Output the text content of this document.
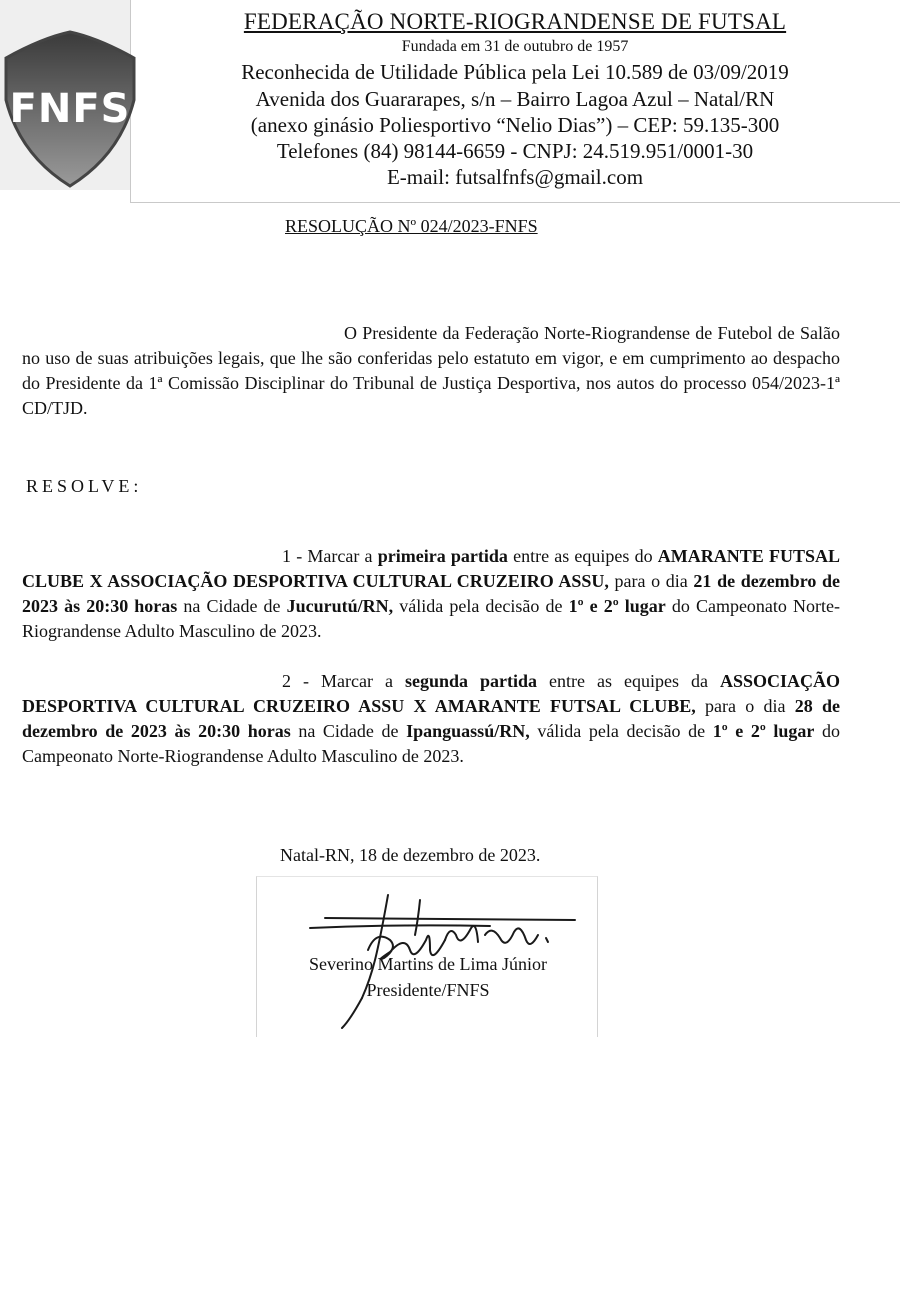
FNFS
FEDERAÇÃO NORTE-RIOGRANDENSE DE FUTSAL
Fundada em 31 de outubro de 1957
Reconhecida de Utilidade Pública pela Lei 10.589 de 03/09/2019
Avenida dos Guararapes, s/n – Bairro Lagoa Azul – Natal/RN
(anexo ginásio Poliesportivo “Nelio Dias”) – CEP: 59.135-300
Telefones (84) 98144-6659 - CNPJ: 24.519.951/0001-30
E-mail: futsalfnfs@gmail.com
RESOLUÇÃO Nº 024/2023-FNFS
O Presidente da Federação Norte-Riograndense de Futebol de Salão no uso de suas atribuições legais, que lhe são conferidas pelo estatuto em vigor, e em cumprimento ao despacho do Presidente da 1ª Comissão Disciplinar do Tribunal de Justiça Desportiva, nos autos do processo 054/2023-1ª CD/TJD.
RESOLVE:
1 - Marcar a primeira partida entre as equipes do AMARANTE FUTSAL CLUBE X ASSOCIAÇÃO DESPORTIVA CULTURAL CRUZEIRO ASSU, para o dia 21 de dezembro de 2023 às 20:30 horas na Cidade de Jucurutú/RN, válida pela decisão de 1º e 2º lugar do Campeonato Norte-Riograndense Adulto Masculino de 2023.
2 - Marcar a segunda partida entre as equipes da ASSOCIAÇÃO DESPORTIVA CULTURAL CRUZEIRO ASSU X AMARANTE FUTSAL CLUBE, para o dia 28 de dezembro de 2023 às 20:30 horas na Cidade de Ipanguassú/RN, válida pela decisão de 1º e 2º lugar do Campeonato Norte-Riograndense Adulto Masculino de 2023.
Natal-RN, 18 de dezembro de 2023.
Severino Martins de Lima Júnior
Presidente/FNFS
